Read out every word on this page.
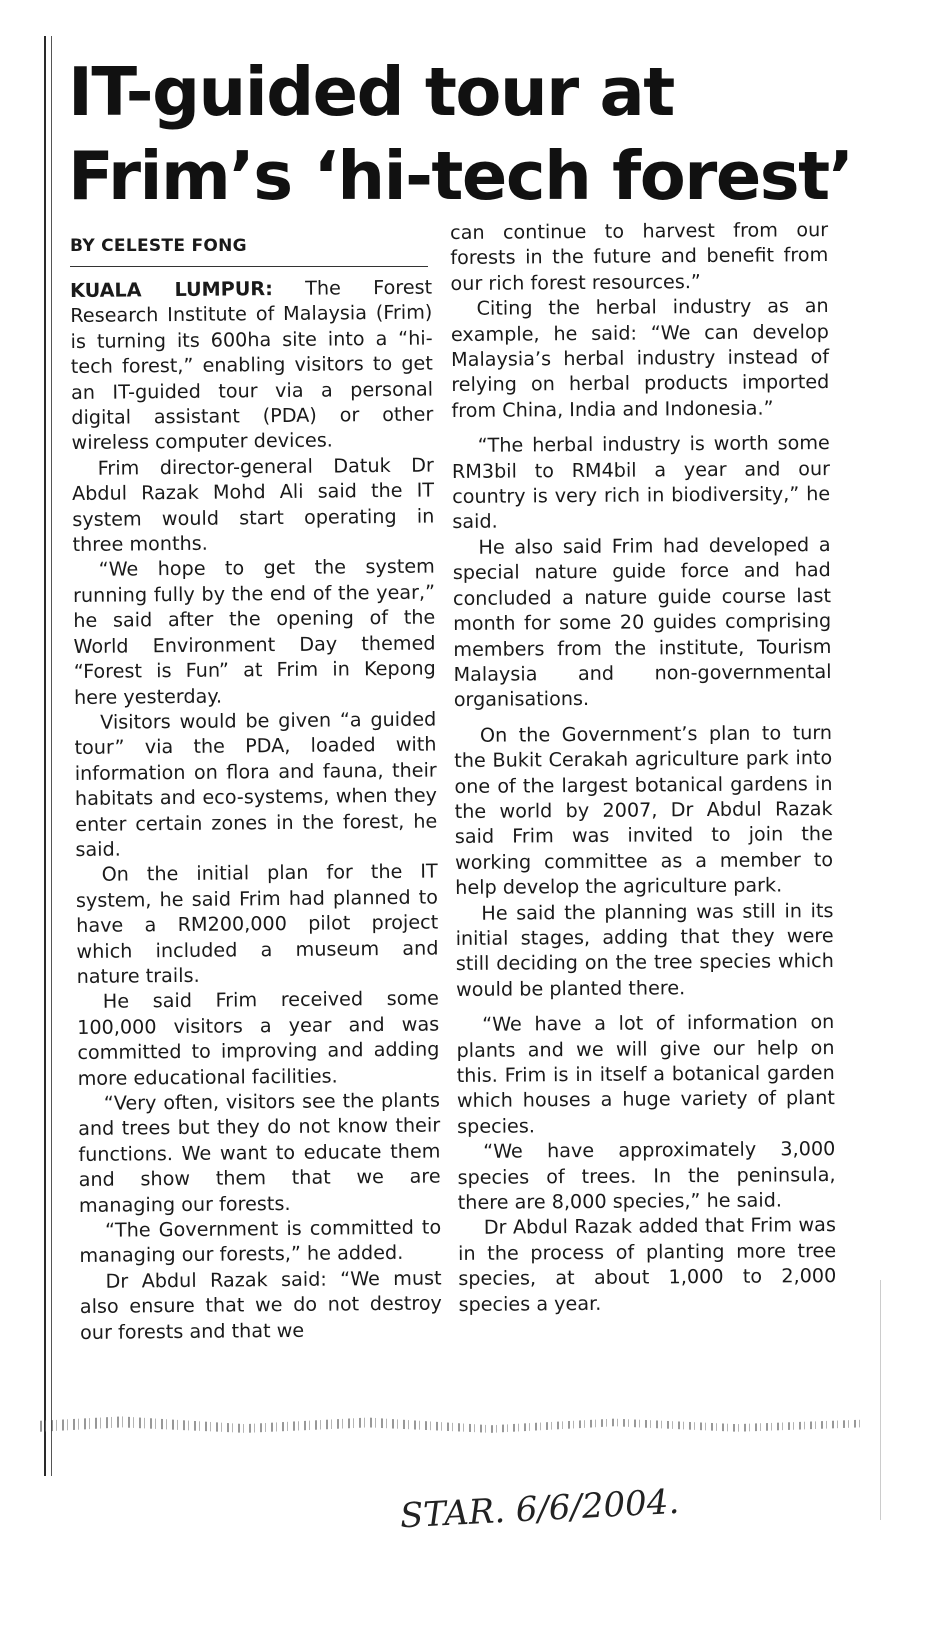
IT-guided tour at
Frim’s ‘hi-tech forest’

BY CELESTE FONG

KUALA LUMPUR: The Forest Research Institute of Malaysia (Frim) is turning its 600ha site into a “hi-tech forest,” enabling visitors to get an IT-guided tour via a personal digital assistant (PDA) or other wireless computer devices.

Frim director-general Datuk Dr Abdul Razak Mohd Ali said the IT system would start operating in three months.

“We hope to get the system running fully by the end of the year,” he said after the opening of the World Environment Day themed “Forest is Fun” at Frim in Kepong here yesterday.

Visitors would be given “a guided tour” via the PDA, loaded with information on flora and fauna, their habitats and eco-systems, when they enter certain zones in the forest, he said.

On the initial plan for the IT system, he said Frim had planned to have a RM200,000 pilot project which included a museum and nature trails.

He said Frim received some 100,000 visitors a year and was committed to improving and adding more educational facilities.

“Very often, visitors see the plants and trees but they do not know their functions. We want to educate them and show them that we are managing our forests.

“The Government is committed to managing our forests,” he added.

Dr Abdul Razak said: “We must also ensure that we do not destroy our forests and that we

can continue to harvest from our forests in the future and benefit from our rich forest resources.”

Citing the herbal industry as an example, he said: “We can develop Malaysia’s herbal industry instead of relying on herbal products imported from China, India and Indonesia.”

“The herbal industry is worth some RM3bil to RM4bil a year and our country is very rich in biodiversity,” he said.

He also said Frim had developed a special nature guide force and had concluded a nature guide course last month for some 20 guides comprising members from the institute, Tourism Malaysia and non-governmental organisations.

On the Government’s plan to turn the Bukit Cerakah agriculture park into one of the largest botanical gardens in the world by 2007, Dr Abdul Razak said Frim was invited to join the working committee as a member to help develop the agriculture park.

He said the planning was still in its initial stages, adding that they were still deciding on the tree species which would be planted there.

“We have a lot of information on plants and we will give our help on this. Frim is in itself a botanical garden which houses a huge variety of plant species.

“We have approximately 3,000 species of trees. In the peninsula, there are 8,000 species,” he said.

Dr Abdul Razak added that Frim was in the process of planting more tree species, at about 1,000 to 2,000 species a year.

STAR. 6/6/2004.
